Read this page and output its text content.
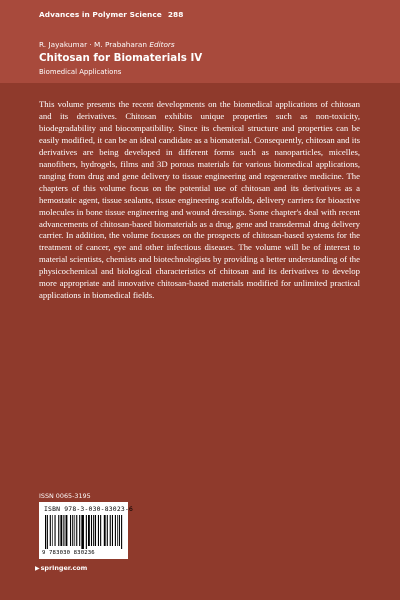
Advances in Polymer Science 288
R. Jayakumar · M. Prabaharan Editors
Chitosan for Biomaterials IV
Biomedical Applications

This volume presents the recent developments on the biomedical applications of chitosan and its derivatives. Chitosan exhibits unique properties such as non-toxicity, biodegradability and biocompatibility. Since its chemical structure and properties can be easily modified, it can be an ideal candidate as a biomaterial. Consequently, chitosan and its derivatives are being developed in different forms such as nanoparticles, micelles, nanofibers, hydrogels, films and 3D porous materials for various biomedical applications, ranging from drug and gene delivery to tissue engineering and regenerative medicine. The chapters of this volume focus on the potential use of chitosan and its derivatives as a hemostatic agent, tissue sealants, tissue engineering scaffolds, delivery carriers for bioactive molecules in bone tissue engineering and wound dressings. Some chapter's deal with recent advancements of chitosan-based biomaterials as a drug, gene and transdermal drug delivery carrier. In addition, the volume focusses on the prospects of chitosan-based systems for the treatment of cancer, eye and other infectious diseases. The volume will be of interest to material scientists, chemists and biotechnologists by providing a better understanding of the physicochemical and biological characteristics of chitosan and its derivatives to develop more appropriate and innovative chitosan-based materials modified for unlimited practical applications in biomedical fields.

ISSN 0065-3195
ISBN 978-3-030-83023-6
9 783030 830236
▶springer.com
